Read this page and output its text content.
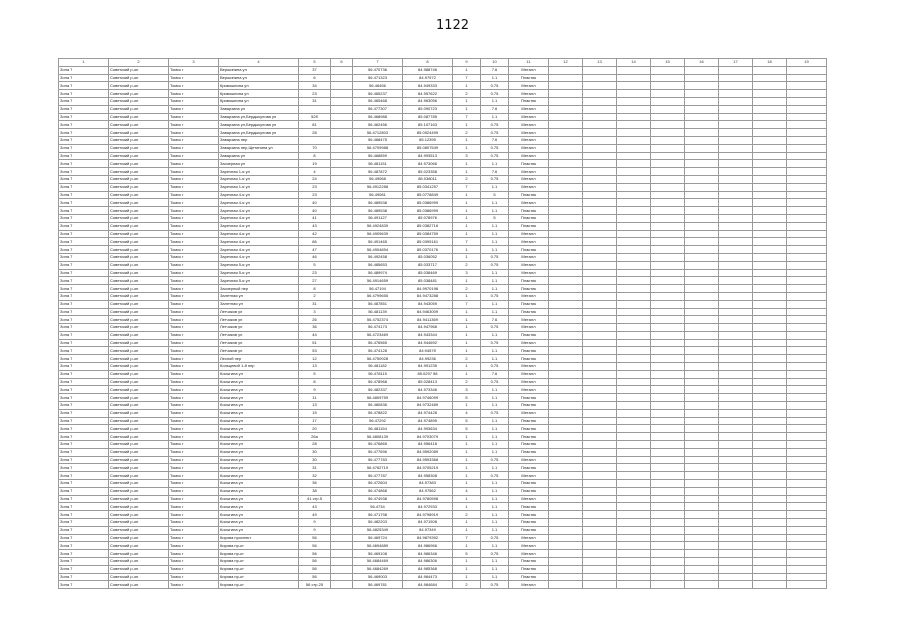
1122
1	2	3	4	5	6	7	8	9	10	11	12	13	14	15	16	17	18	19
Зона 7	Советский р-он	Томск г	Вершинина ул	37		56.470736	84.988746	1	7.6	Металл								
Зона 7	Советский р-он	Томск г	Вершинина ул	6		56.471323	84.97972	7	1.1	Пластик								
Зона 7	Советский р-он	Томск г	Кривошеина ул	34		56.46456	84.949333	1	0.75	Металл								
Зона 7	Советский р-он	Томск г	Кривошеина ул	23		56.465237	84.957622	2	0.75	Металл								
Зона 7	Советский р-он	Томск г	Кривошеина ул	31		56.465468	84.963056	1	1.1	Пластик								
Зона 7	Советский р-он	Томск г	Заварзина ул			56.477307	85.090723	1	7.6	Металл								
Зона 7	Советский р-он	Томск г	Заварзина ул,Бердыкулова ул	52б		56.468988	85.087785	7	1.1	Металл								
Зона 7	Советский р-он	Томск г	Заварзина ул,Бердыкулова ул	81		56.462456	85.107163	1	0.75	Металл								
Зона 7	Советский р-он	Томск г	Заварзина ул,Бердыкулова ул	28		56.4712803	85.0924499	2	0.75	Металл								
Зона 7	Советский р-он	Томск г	Заварзина пер			56.468475	85.12395	1	7.6	Металл								
Зона 7	Советский р-он	Томск г	Заварзина пер,Щетинина ул	70		56.4709988	85.0807549	1	0.75	Металл								
Зона 7	Советский р-он	Томск г	Заварзина ул	8		56.468859	84.993513	3	0.75	Металл								
Зона 7	Советский р-он	Томск г	Заозерная ул	19		56.481151	84.973066	1	1.1	Пластик								
Зона 7	Советский р-он	Томск г	Заречная 1-я ул	4		56.487872	85.023358	1	7.6	Металл								
Зона 7	Советский р-он	Томск г	Заречная 1-я ул	24		56.49068	85.038011	2	0.75	Металл								
Зона 7	Советский р-он	Томск г	Заречная 1-я ул	23		56.4912288	85.0341257	7	1.1	Металл								
Зона 7	Советский р-он	Томск г	Заречная 4-я ул	23		56.49081	85.0778849	1	5	Пластик								
Зона 7	Советский р-он	Томск г	Заречная 4-я ул	40		56.489538	85.0386999	1	1.1	Металл								
Зона 7	Советский р-он	Томск г	Заречная 4-я ул	40		56.489538	85.0386999	1	1.1	Пластик								
Зона 7	Советский р-он	Томск г	Заречная 4-я ул	41		56.491127	85.078976	1	5	Пластик								
Зона 7	Советский р-он	Томск г	Заречная 4-я ул	43		56.4924839	85.0382716	1	1.1	Пластик								
Зона 7	Советский р-он	Томск г	Заречная 4-я ул	42		56.4909639	85.0384759	1	1.1	Металл								
Зона 7	Советский р-он	Томск г	Заречная 4-я ул	86		56.491465	85.0399161	7	1.1	Металл								
Зона 7	Советский р-он	Томск г	Заречная 4-я ул	47		56.4904894	85.0370176	1	1.1	Пластик								
Зона 7	Советский р-он	Томск г	Заречная 4-я ул	46		56.492458	85.036052	1	0.75	Металл								
Зона 7	Советский р-он	Томск г	Заречная 5-я ул	5		56.485653	85.033717	2	0.75	Металл								
Зона 7	Советский р-он	Томск г	Заречная 5-я ул	23		56.489974	85.038469	3	1.1	Металл								
Зона 7	Советский р-он	Томск г	Заречная 5-я ул	27		56.4914659	85.038481	1	1.1	Пластик								
Зона 7	Советский р-он	Томск г	Заозерный пер	8		56.47194	84.9970198	2	1.1	Пластик								
Зона 7	Советский р-он	Томск г	Залетная ул	2		56.4799655	84.9473288	1	0.75	Металл								
Зона 7	Советский р-он	Томск г	Залетная ул	31		56.487851	84.943059	7	1.1	Пластик								
Зона 7	Советский р-он	Томск г	Летчиков ул	3		56.481139	84.9463009	1	1.1	Пластик								
Зона 7	Советский р-он	Томск г	Летчиков ул	26		56.4752374	84.9411369	1	7.6	Металл								
Зона 7	Советский р-он	Томск г	Летчиков ул	36		56.474173	84.947968	1	0.75	Металл								
Зона 7	Советский р-он	Томск г	Летчиков ул	44		56.4723469	84.943344	1	1.1	Пластик								
Зона 7	Советский р-он	Томск г	Летчиков ул	51		56.476565	84.944692	1	0.75	Металл								
Зона 7	Советский р-он	Томск г	Летчиков ул	53		56.474128	84.9457б	1	1.1	Пластик								
Зона 7	Советский р-он	Томск г	Лесной пер	12		56.4750928	84.99236	2	1.1	Пластик								
Зона 7	Советский р-он	Томск г	Кольцевой 1-й пер	13		56.481182	84.991235	1	0.75	Металл								
Зона 7	Советский р-он	Томск г	Косыгина ул	5		56.478115	85.0297 58	1	7.6	Металл								
Зона 7	Советский р-он	Томск г	Косыгина ул	8		56.478968	85.028413	2	0.75	Металл								
Зона 7	Советский р-он	Томск г	Косыгина ул	9		56.482337	84.973346	3	1.1	Металл								
Зона 7	Советский р-он	Томск г	Косыгина ул	11		56.4809759	84.9746099	5	1.1	Пластик								
Зона 7	Советский р-он	Томск г	Косыгина ул	13		56.480836	84.9732489	1	1.1	Пластик								
Зона 7	Советский р-он	Томск г	Косыгина ул	15		56.478822	84.974428	4	0.75	Металл								
Зона 7	Советский р-он	Томск г	Косыгина ул	17		56.47292	84.974895	5	1.1	Пластик								
Зона 7	Советский р-он	Томск г	Косыгина ул	20		56.481154	84.993634	5	1.1	Пластик								
Зона 7	Советский р-он	Томск г	Косыгина ул	26а		56.4808139	84.9703079	1	1.1	Пластик								
Зона 7	Советский р-он	Томск г	Косыгина ул	28		56.476865	84.956418	1	1.1	Пластик								
Зона 7	Советский р-он	Томск г	Косыгина ул	30		56.477696	84.9592089	1	1.1	Пластик								
Зона 7	Советский р-он	Томск г	Косыгина ул	30		56.477783	84.9593368	1	0.75	Металл								
Зона 7	Советский р-он	Томск г	Косыгина ул	31		56.4762719	84.9705219	1	1.1	Пластик								
Зона 7	Советский р-он	Томск г	Косыгина ул	32		56.477787	84.958308	1	0.75	Металл								
Зона 7	Советский р-он	Томск г	Косыгина ул	36		56.472604	84.97383	1	1.1	Пластик								
Зона 7	Советский р-он	Томск г	Косыгина ул	38		56.474868	84.97562	4	1.1	Пластик								
Зона 7	Советский р-он	Томск г	Косыгина ул	41 стр.5		56.474938	84.9780598	1	1.1	Металл								
Зона 7	Советский р-он	Томск г	Косыгина ул	43		56.4734	84.972933	1	1.1	Пластик								
Зона 7	Советский р-он	Томск г	Косыгина ул	49		56.471798	84.9798919	2	1.1	Пластик								
Зона 7	Советский р-он	Томск г	Косыгина ул	9		56.482203	84.971508	1	1.1	Пластик								
Зона 7	Советский р-он	Томск г	Косыгина ул	9		56.4825349	84.97349	1	1.1	Пластик								
Зона 7	Советский р-он	Томск г	Кирова проспект	56		56.469724	84.9879392	7	0.75	Металл								
Зона 7	Советский р-он	Томск г	Кирова пр-кт	56		56.4694889	84.986966	1	1.1	Металл								
Зона 7	Советский р-он	Томск г	Кирова пр-кт	56		56.469108	84.986346	5	0.75	Металл								
Зона 7	Советский р-он	Томск г	Кирова пр-кт	56		56.4684469	84.986306	1	1.1	Пластик								
Зона 7	Советский р-он	Томск г	Кирова пр-кт	56		56.4684269	84.985368	1	1.1	Пластик								
Зона 7	Советский р-он	Томск г	Кирова пр-кт	56		56.469003	84.984473	1	1.1	Пластик								
Зона 7	Советский р-он	Томск г	Кирова пр-кт	56 стр.25		56.469781	84.984684	2	0.75	Металл								
